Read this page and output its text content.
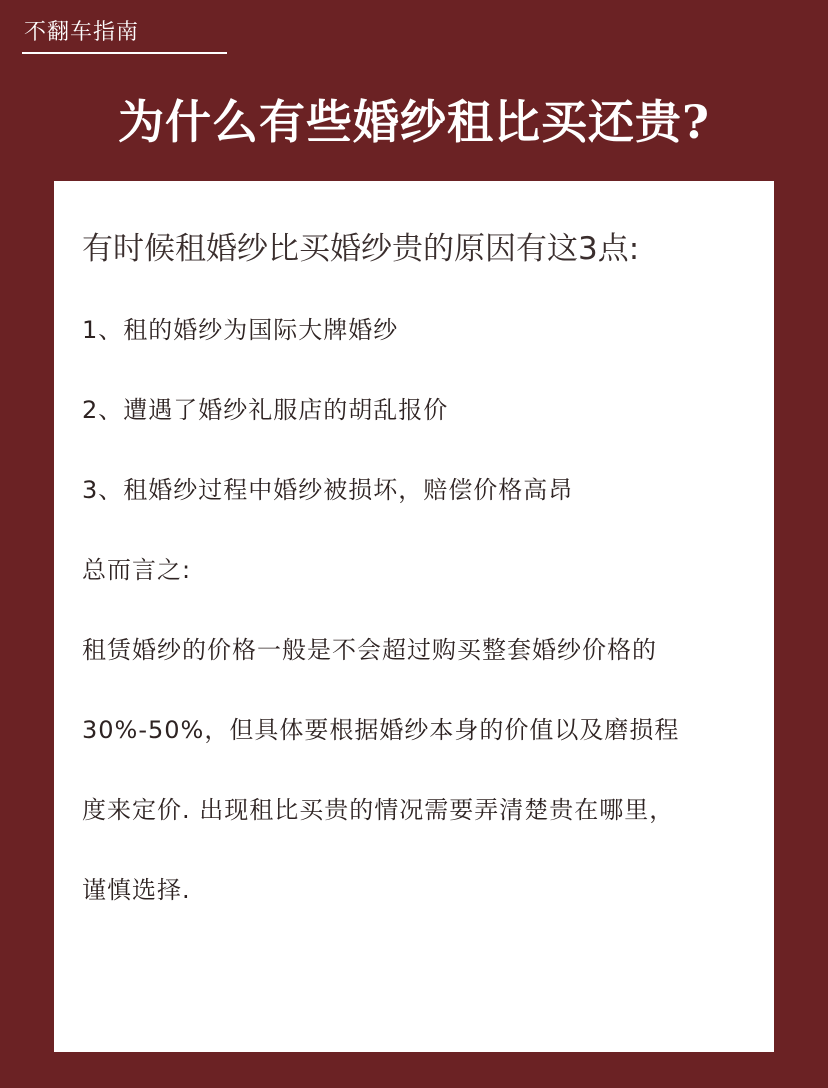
不翻车指南
为什么有些婚纱租比买还贵?
有时候租婚纱比买婚纱贵的原因有这3点:
1、租的婚纱为国际大牌婚纱
2、遭遇了婚纱礼服店的胡乱报价
3、租婚纱过程中婚纱被损坏，赔偿价格高昂
总而言之:
租赁婚纱的价格一般是不会超过购买整套婚纱价格的
30%-50%，但具体要根据婚纱本身的价值以及磨损程
度来定价. 出现租比买贵的情况需要弄清楚贵在哪里，
谨慎选择.
